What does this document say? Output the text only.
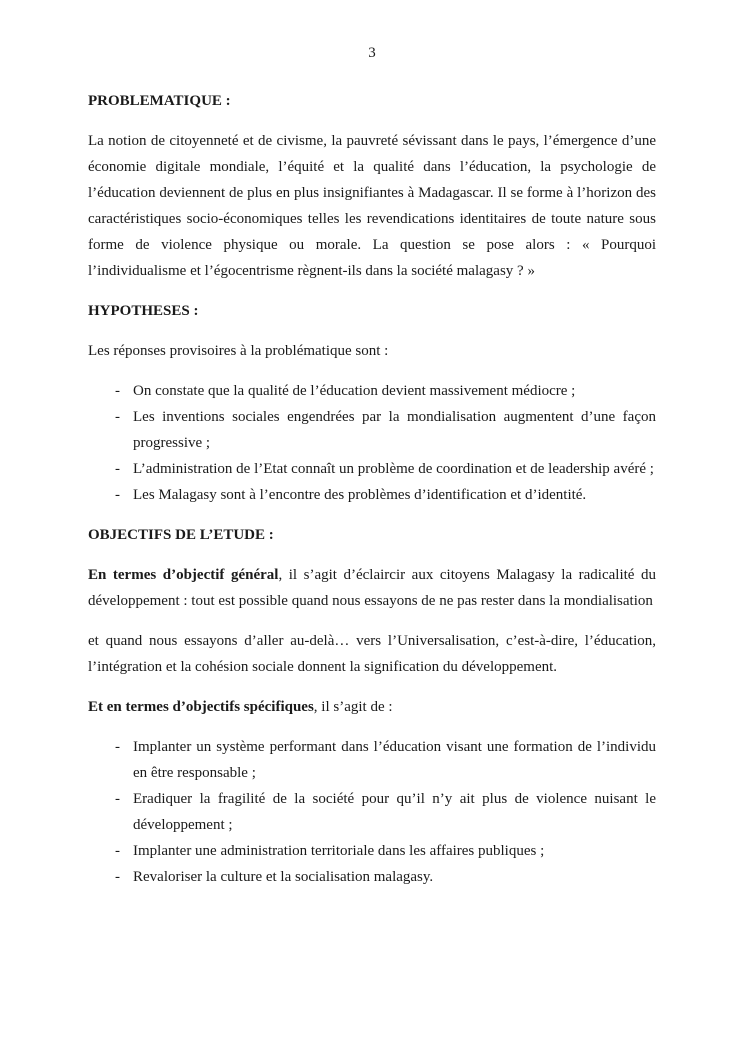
3

PROBLEMATIQUE :

La notion de citoyenneté et de civisme, la pauvreté sévissant dans le pays, l’émergence d’une économie digitale mondiale, l’équité et la qualité dans l’éducation, la psychologie de l’éducation deviennent de plus en plus insignifiantes à Madagascar. Il se forme à l’horizon des caractéristiques socio-économiques telles les revendications identitaires de toute nature sous forme de violence physique ou morale. La question se pose alors : « Pourquoi l’individualisme et l’égocentrisme règnent-ils dans la société malagasy ? »

HYPOTHESES :

Les réponses provisoires à la problématique sont :

- On constate que la qualité de l’éducation devient massivement médiocre ;
- Les inventions sociales engendrées par la mondialisation augmentent d’une façon progressive ;
- L’administration de l’Etat connaît un problème de coordination et de leadership avéré ;
- Les Malagasy sont à l’encontre des problèmes d’identification et d’identité.

OBJECTIFS DE L’ETUDE :

En termes d’objectif général, il s’agit d’éclaircir aux citoyens Malagasy la radicalité du développement : tout est possible quand nous essayons de ne pas rester dans la mondialisation

et quand nous essayons d’aller au-delà… vers l’Universalisation, c’est-à-dire, l’éducation, l’intégration et la cohésion sociale donnent la signification du développement.

Et en termes d’objectifs spécifiques, il s’agit de :

- Implanter un système performant dans l’éducation visant une formation de l’individu en être responsable ;
- Eradiquer la fragilité de la société pour qu’il n’y ait plus de violence nuisant le développement ;
- Implanter une administration territoriale dans les affaires publiques ;
- Revaloriser la culture et la socialisation malagasy.
